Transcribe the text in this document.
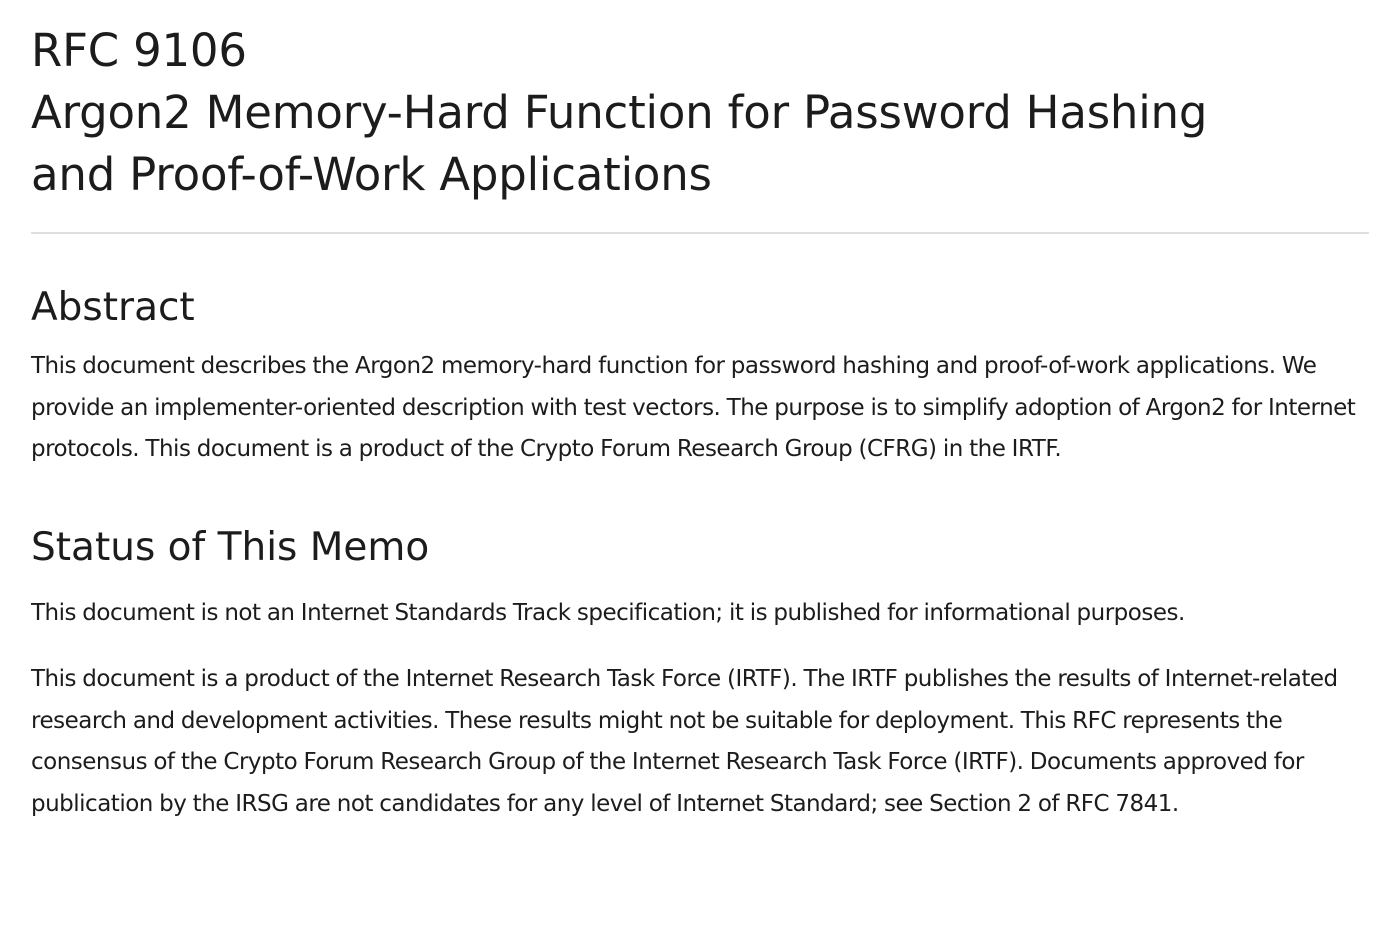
RFC 9106
Argon2 Memory-Hard Function for Password Hashing
and Proof-of-Work Applications
Abstract

This document describes the Argon2 memory-hard function for password hashing and proof-of-work applications. We provide an implementer-oriented description with test vectors. The purpose is to simplify adoption of Argon2 for Internet protocols. This document is a product of the Crypto Forum Research Group (CFRG) in the IRTF.

Status of This Memo

This document is not an Internet Standards Track specification; it is published for informational purposes.

This document is a product of the Internet Research Task Force (IRTF). The IRTF publishes the results of Internet-related research and development activities. These results might not be suitable for deployment. This RFC represents the consensus of the Crypto Forum Research Group of the Internet Research Task Force (IRTF). Documents approved for publication by the IRSG are not candidates for any level of Internet Standard; see Section 2 of RFC 7841.
